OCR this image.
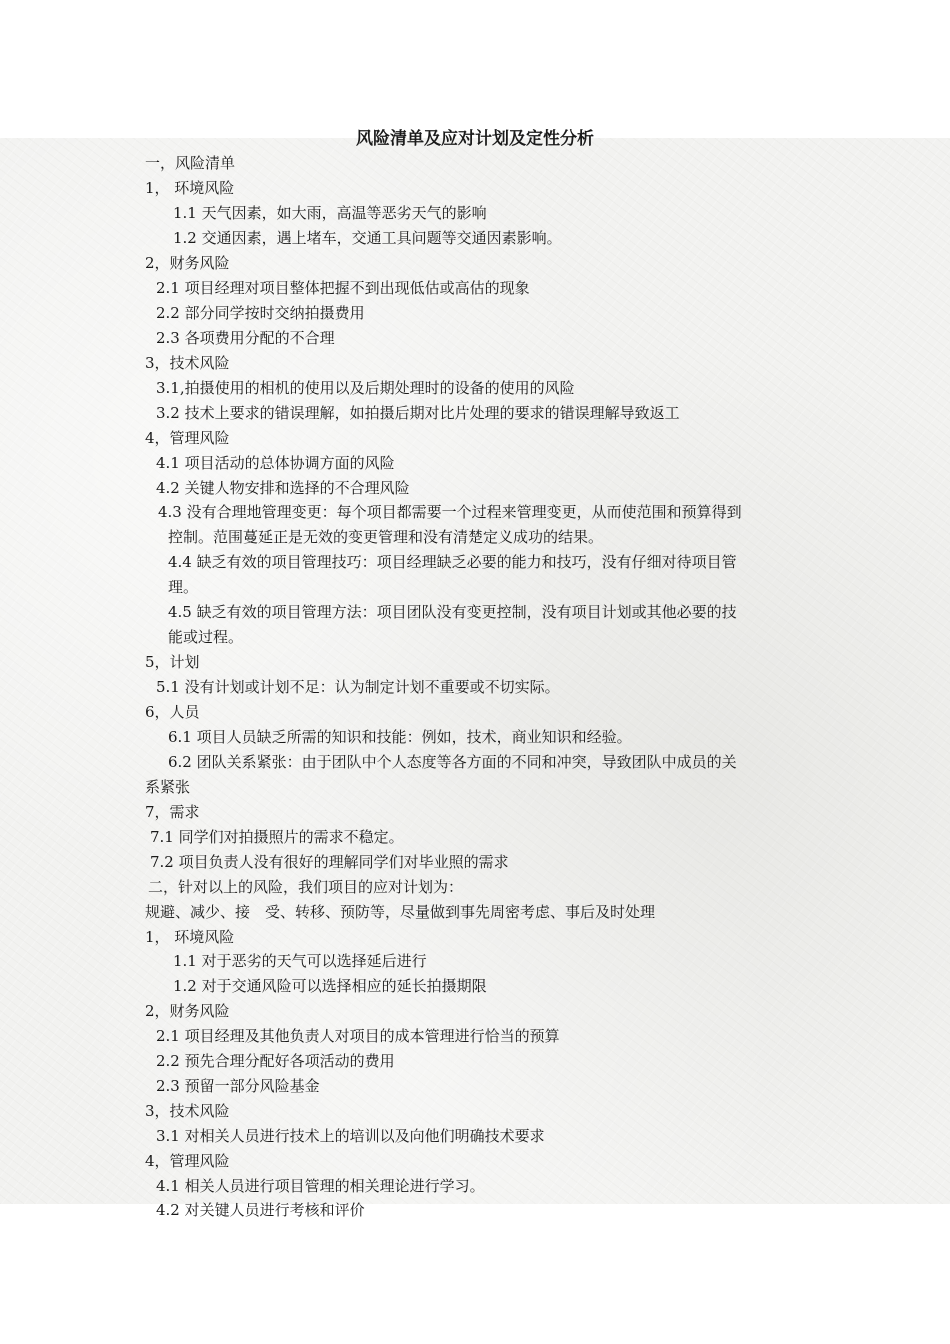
风险清单及应对计划及定性分析
一，风险清单
1， 环境风险
1.1 天气因素，如大雨，高温等恶劣天气的影响
1.2 交通因素，遇上堵车，交通工具问题等交通因素影响。
2，财务风险
2.1 项目经理对项目整体把握不到出现低估或高估的现象
2.2 部分同学按时交纳拍摄费用
2.3 各项费用分配的不合理
3，技术风险
3.1,拍摄使用的相机的使用以及后期处理时的设备的使用的风险
3.2 技术上要求的错误理解，如拍摄后期对比片处理的要求的错误理解导致返工
4，管理风险
4.1 项目活动的总体协调方面的风险
4.2 关键人物安排和选择的不合理风险
4.3 没有合理地管理变更：每个项目都需要一个过程来管理变更，从而使范围和预算得到
控制。范围蔓延正是无效的变更管理和没有清楚定义成功的结果。
4.4 缺乏有效的项目管理技巧：项目经理缺乏必要的能力和技巧，没有仔细对待项目管
理。
4.5 缺乏有效的项目管理方法：项目团队没有变更控制，没有项目计划或其他必要的技
能或过程。
5，计划
5.1 没有计划或计划不足：认为制定计划不重要或不切实际。
6，人员
6.1 项目人员缺乏所需的知识和技能：例如，技术，商业知识和经验。
6.2 团队关系紧张：由于团队中个人态度等各方面的不同和冲突，导致团队中成员的关
系紧张
7，需求
7.1 同学们对拍摄照片的需求不稳定。
7.2 项目负责人没有很好的理解同学们对毕业照的需求
二，针对以上的风险，我们项目的应对计划为：
规避、减少、接　受、转移、预防等，尽量做到事先周密考虑、事后及时处理
1， 环境风险
1.1 对于恶劣的天气可以选择延后进行
1.2 对于交通风险可以选择相应的延长拍摄期限
2，财务风险
2.1 项目经理及其他负责人对项目的成本管理进行恰当的预算
2.2 预先合理分配好各项活动的费用
2.3 预留一部分风险基金
3，技术风险
3.1 对相关人员进行技术上的培训以及向他们明确技术要求
4，管理风险
4.1 相关人员进行项目管理的相关理论进行学习。
4.2 对关键人员进行考核和评价
